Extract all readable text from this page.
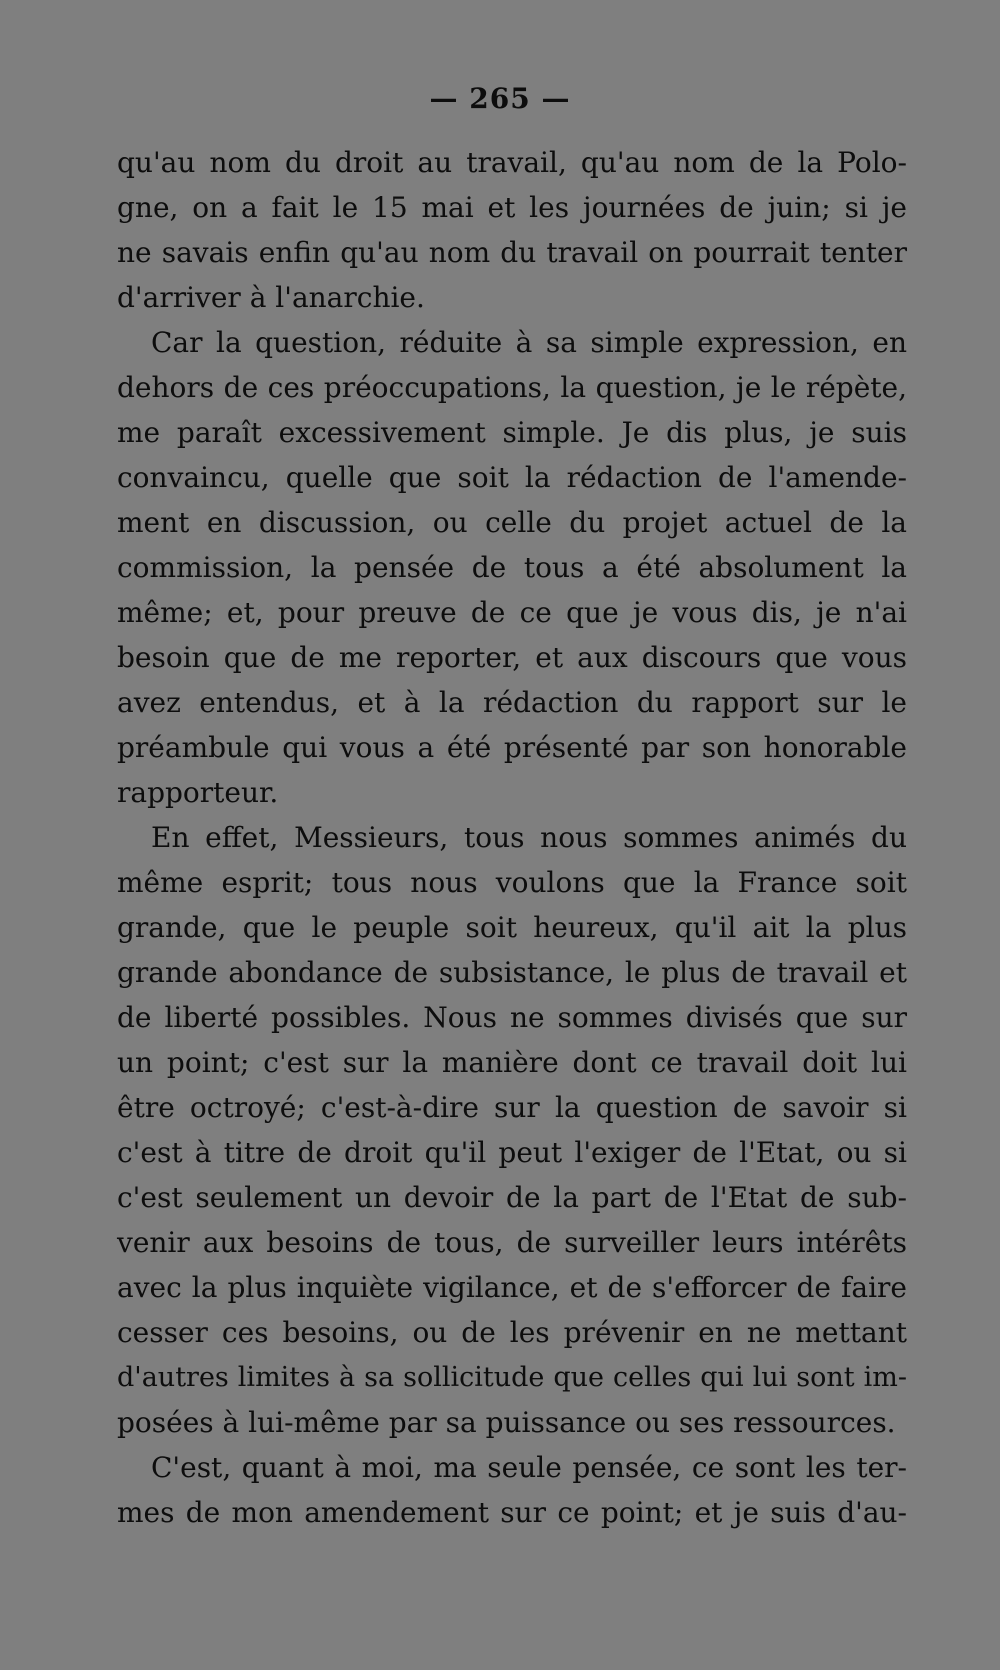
— 265 —
qu'au nom du droit au travail, qu'au nom de la Polo-
gne, on a fait le 15 mai et les journées de juin; si je
ne savais enfin qu'au nom du travail on pourrait tenter
d'arriver à l'anarchie.
Car la question, réduite à sa simple expression, en
dehors de ces préoccupations, la question, je le répète,
me paraît excessivement simple. Je dis plus, je suis
convaincu, quelle que soit la rédaction de l'amende-
ment en discussion, ou celle du projet actuel de la
commission, la pensée de tous a été absolument la
même; et, pour preuve de ce que je vous dis, je n'ai
besoin que de me reporter, et aux discours que vous
avez entendus, et à la rédaction du rapport sur le
préambule qui vous a été présenté par son honorable
rapporteur.
En effet, Messieurs, tous nous sommes animés du
même esprit; tous nous voulons que la France soit
grande, que le peuple soit heureux, qu'il ait la plus
grande abondance de subsistance, le plus de travail et
de liberté possibles. Nous ne sommes divisés que sur
un point; c'est sur la manière dont ce travail doit lui
être octroyé; c'est-à-dire sur la question de savoir si
c'est à titre de droit qu'il peut l'exiger de l'Etat, ou si
c'est seulement un devoir de la part de l'Etat de sub-
venir aux besoins de tous, de surveiller leurs intérêts
avec la plus inquiète vigilance, et de s'efforcer de faire
cesser ces besoins, ou de les prévenir en ne mettant
d'autres limites à sa sollicitude que celles qui lui sont im-
posées à lui-même par sa puissance ou ses ressources.
C'est, quant à moi, ma seule pensée, ce sont les ter-
mes de mon amendement sur ce point; et je suis d'au-
